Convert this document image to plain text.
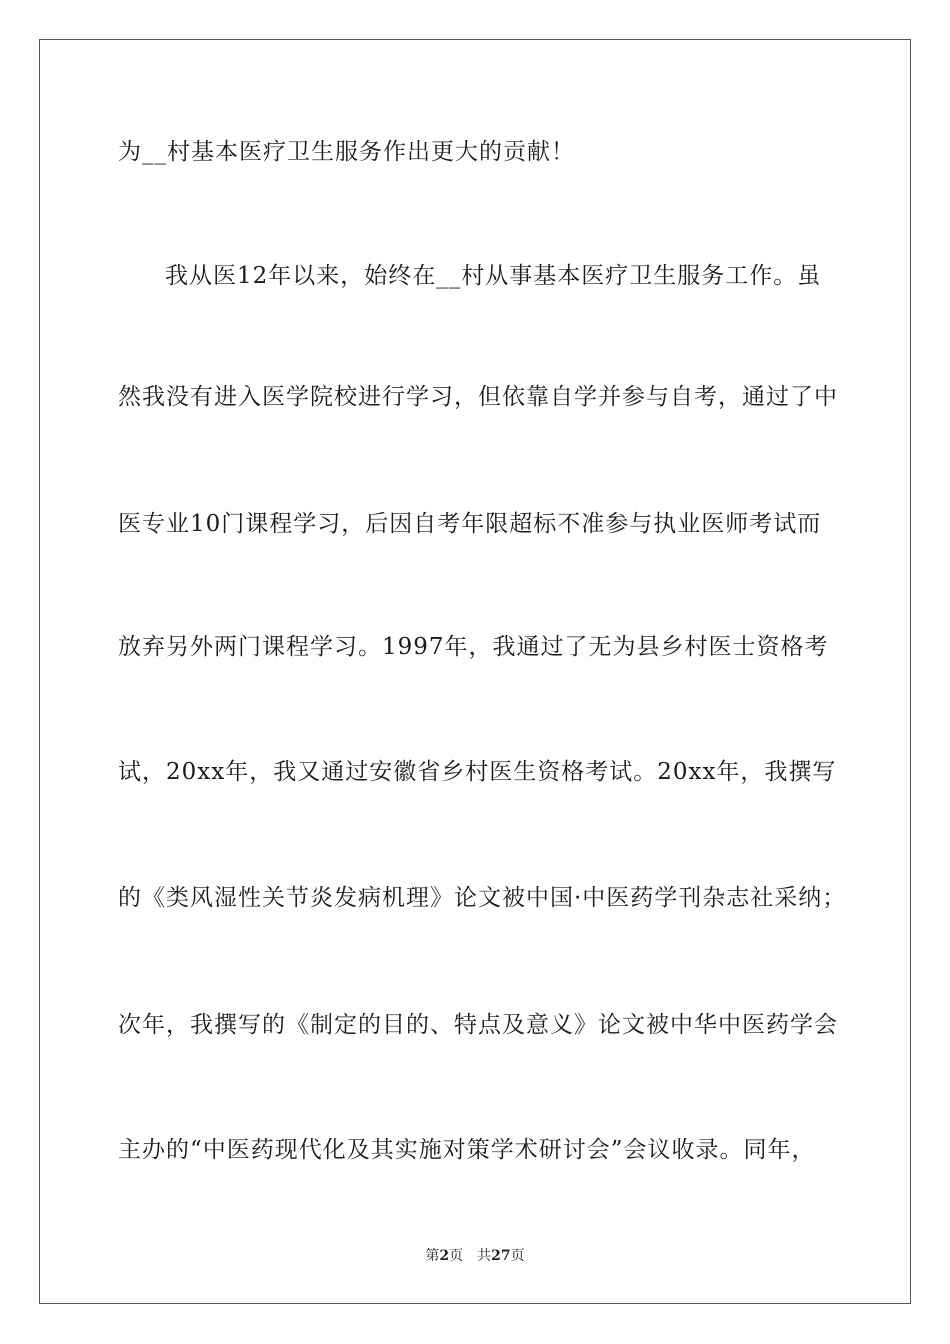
为__村基本医疗卫生服务作出更大的贡献！
我从医12年以来，始终在__村从事基本医疗卫生服务工作。虽
然我没有进入医学院校进行学习，但依靠自学并参与自考，通过了中
医专业10门课程学习，后因自考年限超标不准参与执业医师考试而
放弃另外两门课程学习。1997年，我通过了无为县乡村医士资格考
试，20xx年，我又通过安徽省乡村医生资格考试。20xx年，我撰写
的《类风湿性关节炎发病机理》论文被中国·中医药学刊杂志社采纳；
次年，我撰写的《制定的目的、特点及意义》论文被中华中医药学会
主办的“中医药现代化及其实施对策学术研讨会”会议收录。同年，
第2页 共27页
